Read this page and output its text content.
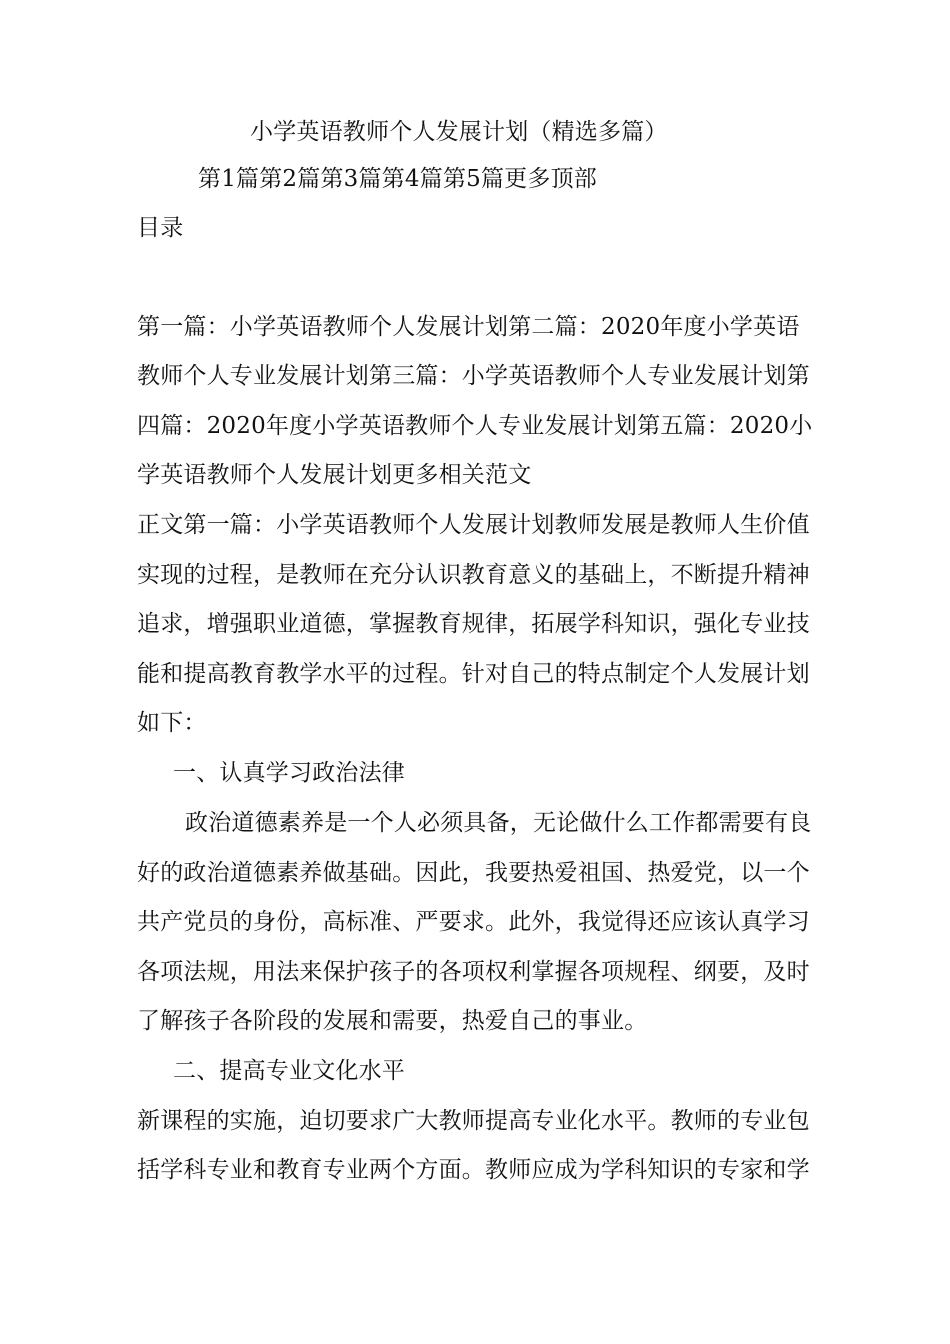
小学英语教师个人发展计划（精选多篇）
第1篇第2篇第3篇第4篇第5篇更多顶部
目录
第一篇：小学英语教师个人发展计划第二篇：2020年度小学英语
教师个人专业发展计划第三篇：小学英语教师个人专业发展计划第
四篇：2020年度小学英语教师个人专业发展计划第五篇：2020小
学英语教师个人发展计划更多相关范文
正文第一篇：小学英语教师个人发展计划教师发展是教师人生价值
实现的过程，是教师在充分认识教育意义的基础上，不断提升精神
追求，增强职业道德，掌握教育规律，拓展学科知识，强化专业技
能和提高教育教学水平的过程。针对自己的特点制定个人发展计划
如下：
一、认真学习政治法律
政治道德素养是一个人必须具备，无论做什么工作都需要有良
好的政治道德素养做基础。因此，我要热爱祖国、热爱党，以一个
共产党员的身份，高标准、严要求。此外，我觉得还应该认真学习
各项法规，用法来保护孩子的各项权利掌握各项规程、纲要，及时
了解孩子各阶段的发展和需要，热爱自己的事业。
二、提高专业文化水平
新课程的实施，迫切要求广大教师提高专业化水平。教师的专业包
括学科专业和教育专业两个方面。教师应成为学科知识的专家和学
